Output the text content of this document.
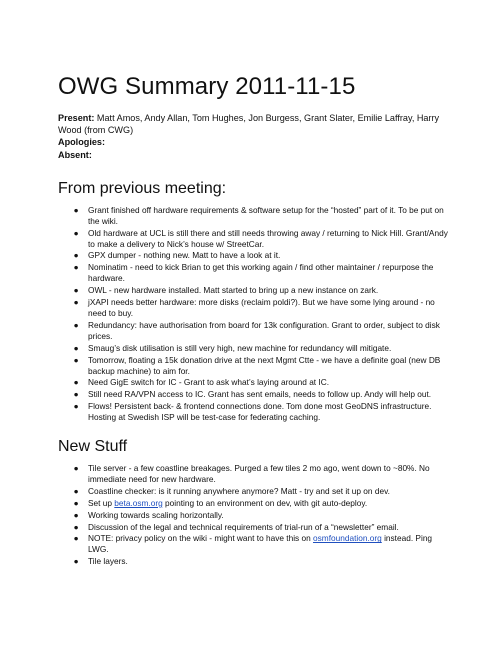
OWG Summary 2011-11-15

Present: Matt Amos, Andy Allan, Tom Hughes, Jon Burgess, Grant Slater, Emilie Laffray, Harry Wood (from CWG)

Apologies:

Absent:

From previous meeting:
● Grant finished off hardware requirements & software setup for the “hosted” part of it. To be put on the wiki.
● Old hardware at UCL is still there and still needs throwing away / returning to Nick Hill. Grant/Andy to make a delivery to Nick’s house w/ StreetCar.
● GPX dumper - nothing new. Matt to have a look at it.
● Nominatim - need to kick Brian to get this working again / find other maintainer / repurpose the hardware.
● OWL - new hardware installed. Matt started to bring up a new instance on zark.
● jXAPI needs better hardware: more disks (reclaim poldi?). But we have some lying around - no need to buy.
● Redundancy: have authorisation from board for 13k configuration. Grant to order, subject to disk prices.
● Smaug’s disk utilisation is still very high, new machine for redundancy will mitigate.
● Tomorrow, floating a 15k donation drive at the next Mgmt Ctte - we have a definite goal (new DB backup machine) to aim for.
● Need GigE switch for IC - Grant to ask what’s laying around at IC.
● Still need RA/VPN access to IC. Grant has sent emails, needs to follow up. Andy will help out.
● Flows! Persistent back- & frontend connections done. Tom done most GeoDNS infrastructure. Hosting at Swedish ISP will be test-case for federating caching.
New Stuff
● Tile server - a few coastline breakages. Purged a few tiles 2 mo ago, went down to ~80%. No immediate need for new hardware.
● Coastline checker: is it running anywhere anymore? Matt - try and set it up on dev.
● Set up beta.osm.org pointing to an environment on dev, with git auto-deploy.
● Working towards scaling horizontally.
● Discussion of the legal and technical requirements of trial-run of a “newsletter” email.
● NOTE: privacy policy on the wiki - might want to have this on osmfoundation.org instead. Ping LWG.
● Tile layers.
